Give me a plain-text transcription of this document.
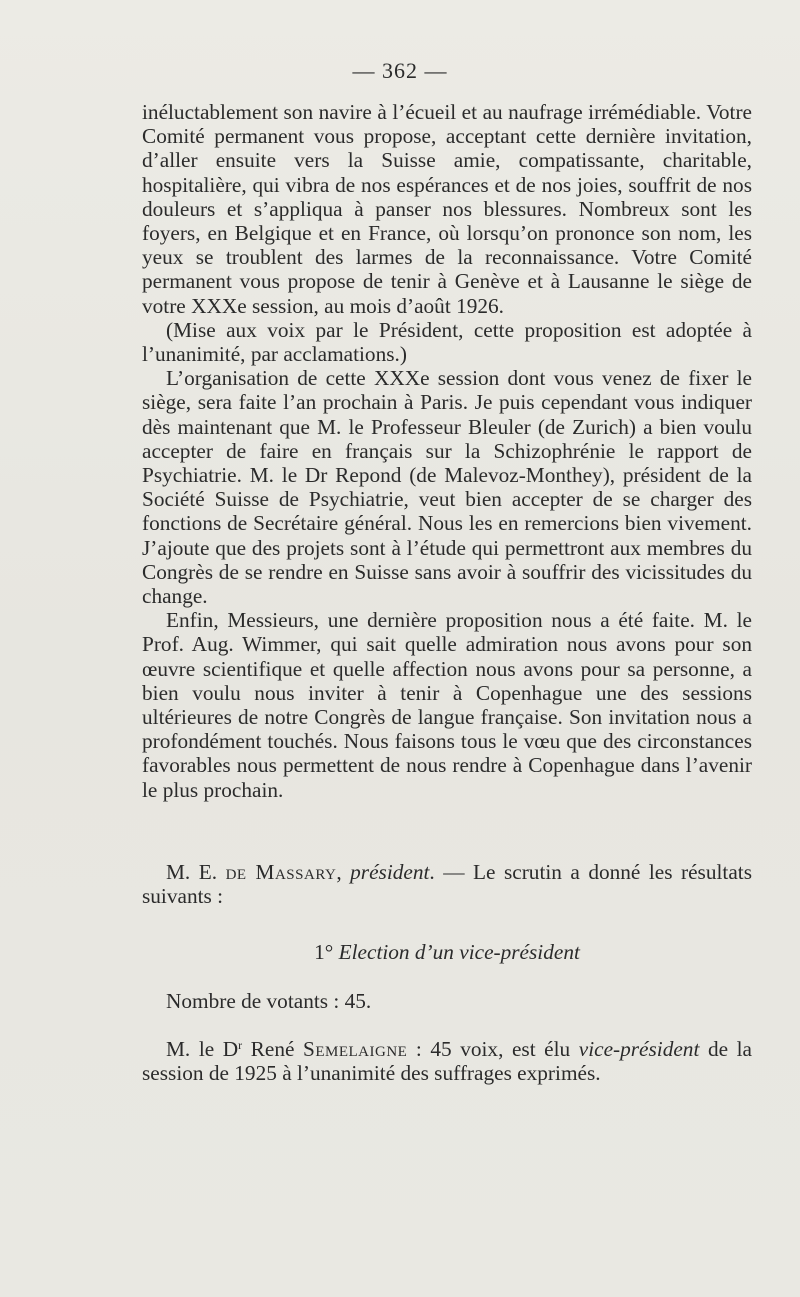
— 362 —

inéluctablement son navire à l’écueil et au naufrage irrémédiable. Votre Comité permanent vous propose, acceptant cette dernière invitation, d’aller ensuite vers la Suisse amie, compatissante, charitable, hospitalière, qui vibra de nos espérances et de nos joies, souffrit de nos douleurs et s’appliqua à panser nos blessures. Nombreux sont les foyers, en Belgique et en France, où lorsqu’on prononce son nom, les yeux se troublent des larmes de la reconnaissance. Votre Comité permanent vous propose de tenir à Genève et à Lausanne le siège de votre XXXe session, au mois d’août 1926.

(Mise aux voix par le Président, cette proposition est adoptée à l’unanimité, par acclamations.)

L’organisation de cette XXXe session dont vous venez de fixer le siège, sera faite l’an prochain à Paris. Je puis cependant vous indiquer dès maintenant que M. le Professeur Bleuler (de Zurich) a bien voulu accepter de faire en français sur la Schizophrénie le rapport de Psychiatrie. M. le Dr Repond (de Malevoz-Monthey), président de la Société Suisse de Psychiatrie, veut bien accepter de se charger des fonctions de Secrétaire général. Nous les en remercions bien vivement. J’ajoute que des projets sont à l’étude qui permettront aux membres du Congrès de se rendre en Suisse sans avoir à souffrir des vicissitudes du change.

Enfin, Messieurs, une dernière proposition nous a été faite. M. le Prof. Aug. Wimmer, qui sait quelle admiration nous avons pour son œuvre scientifique et quelle affection nous avons pour sa personne, a bien voulu nous inviter à tenir à Copenhague une des sessions ultérieures de notre Congrès de langue française. Son invitation nous a profondément touchés. Nous faisons tous le vœu que des circonstances favorables nous permettent de nous rendre à Copenhague dans l’avenir le plus prochain.

M. E. de Massary, président. — Le scrutin a donné les résultats suivants :

1° Election d’un vice-président

Nombre de votants : 45.

M. le $D^r$ René Semelaigne : 45 voix, est élu vice-président de la session de 1925 à l’unanimité des suffrages exprimés.
